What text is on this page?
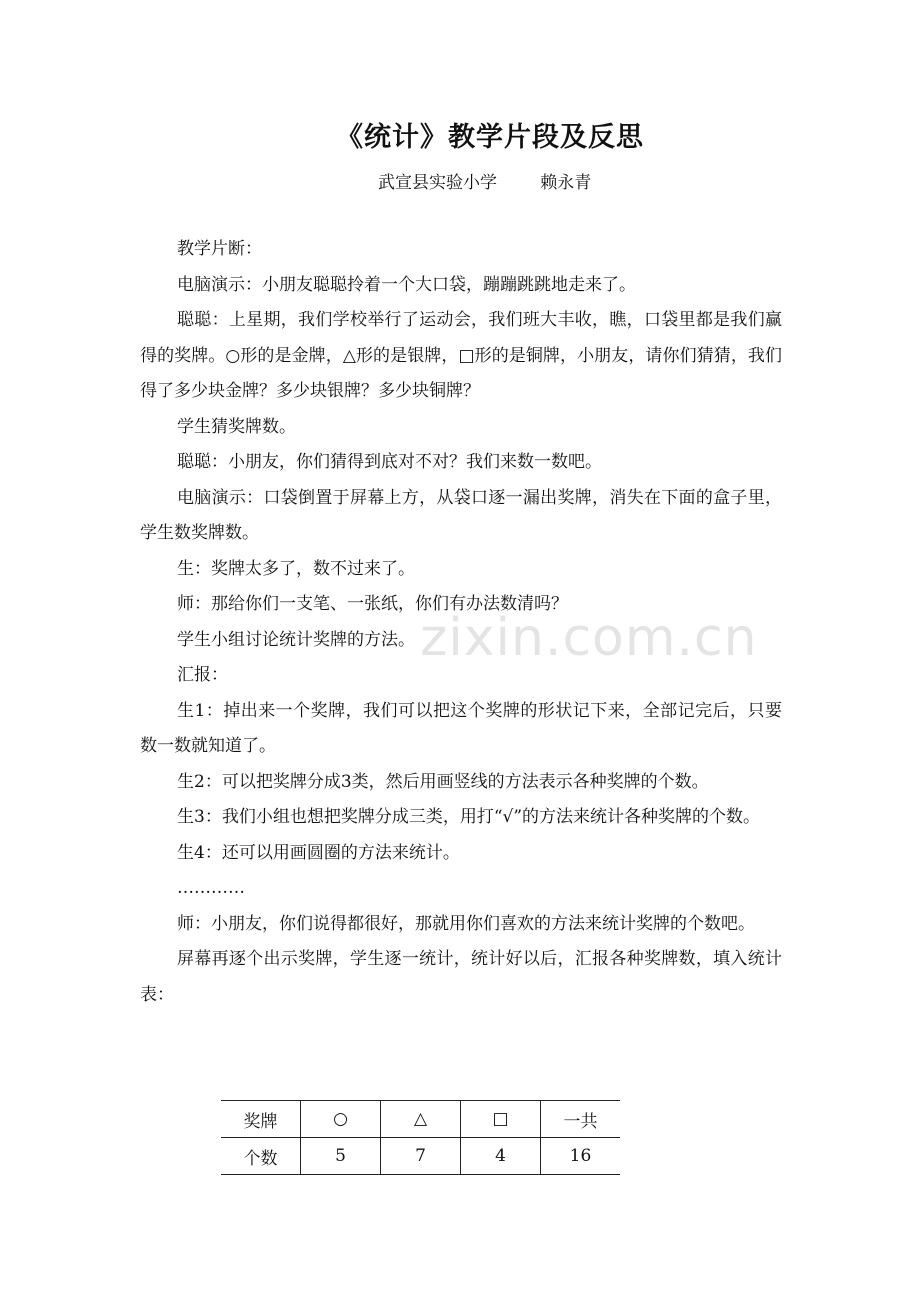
zixin.com.cn
《统计》教学片段及反思
武宣县实验小学        赖永青

教学片断：

电脑演示：小朋友聪聪拎着一个大口袋，蹦蹦跳跳地走来了。

聪聪：上星期，我们学校举行了运动会，我们班大丰收，瞧，口袋里都是我们赢得的奖牌。○形的是金牌，△形的是银牌，□形的是铜牌，小朋友，请你们猜猜，我们得了多少块金牌？多少块银牌？多少块铜牌？

学生猜奖牌数。

聪聪：小朋友，你们猜得到底对不对？我们来数一数吧。

电脑演示：口袋倒置于屏幕上方，从袋口逐一漏出奖牌，消失在下面的盒子里，学生数奖牌数。

生：奖牌太多了，数不过来了。

师：那给你们一支笔、一张纸，你们有办法数清吗？

学生小组讨论统计奖牌的方法。

汇报：

生1：掉出来一个奖牌，我们可以把这个奖牌的形状记下来，全部记完后，只要数一数就知道了。

生2：可以把奖牌分成3类，然后用画竖线的方法表示各种奖牌的个数。

生3：我们小组也想把奖牌分成三类，用打“√”的方法来统计各种奖牌的个数。

生4：还可以用画圆圈的方法来统计。

…………

师：小朋友，你们说得都很好，那就用你们喜欢的方法来统计奖牌的个数吧。

屏幕再逐个出示奖牌，学生逐一统计，统计好以后，汇报各种奖牌数，填入统计表：

奖牌	○	△	□	一共
个数	5	7	4	16
